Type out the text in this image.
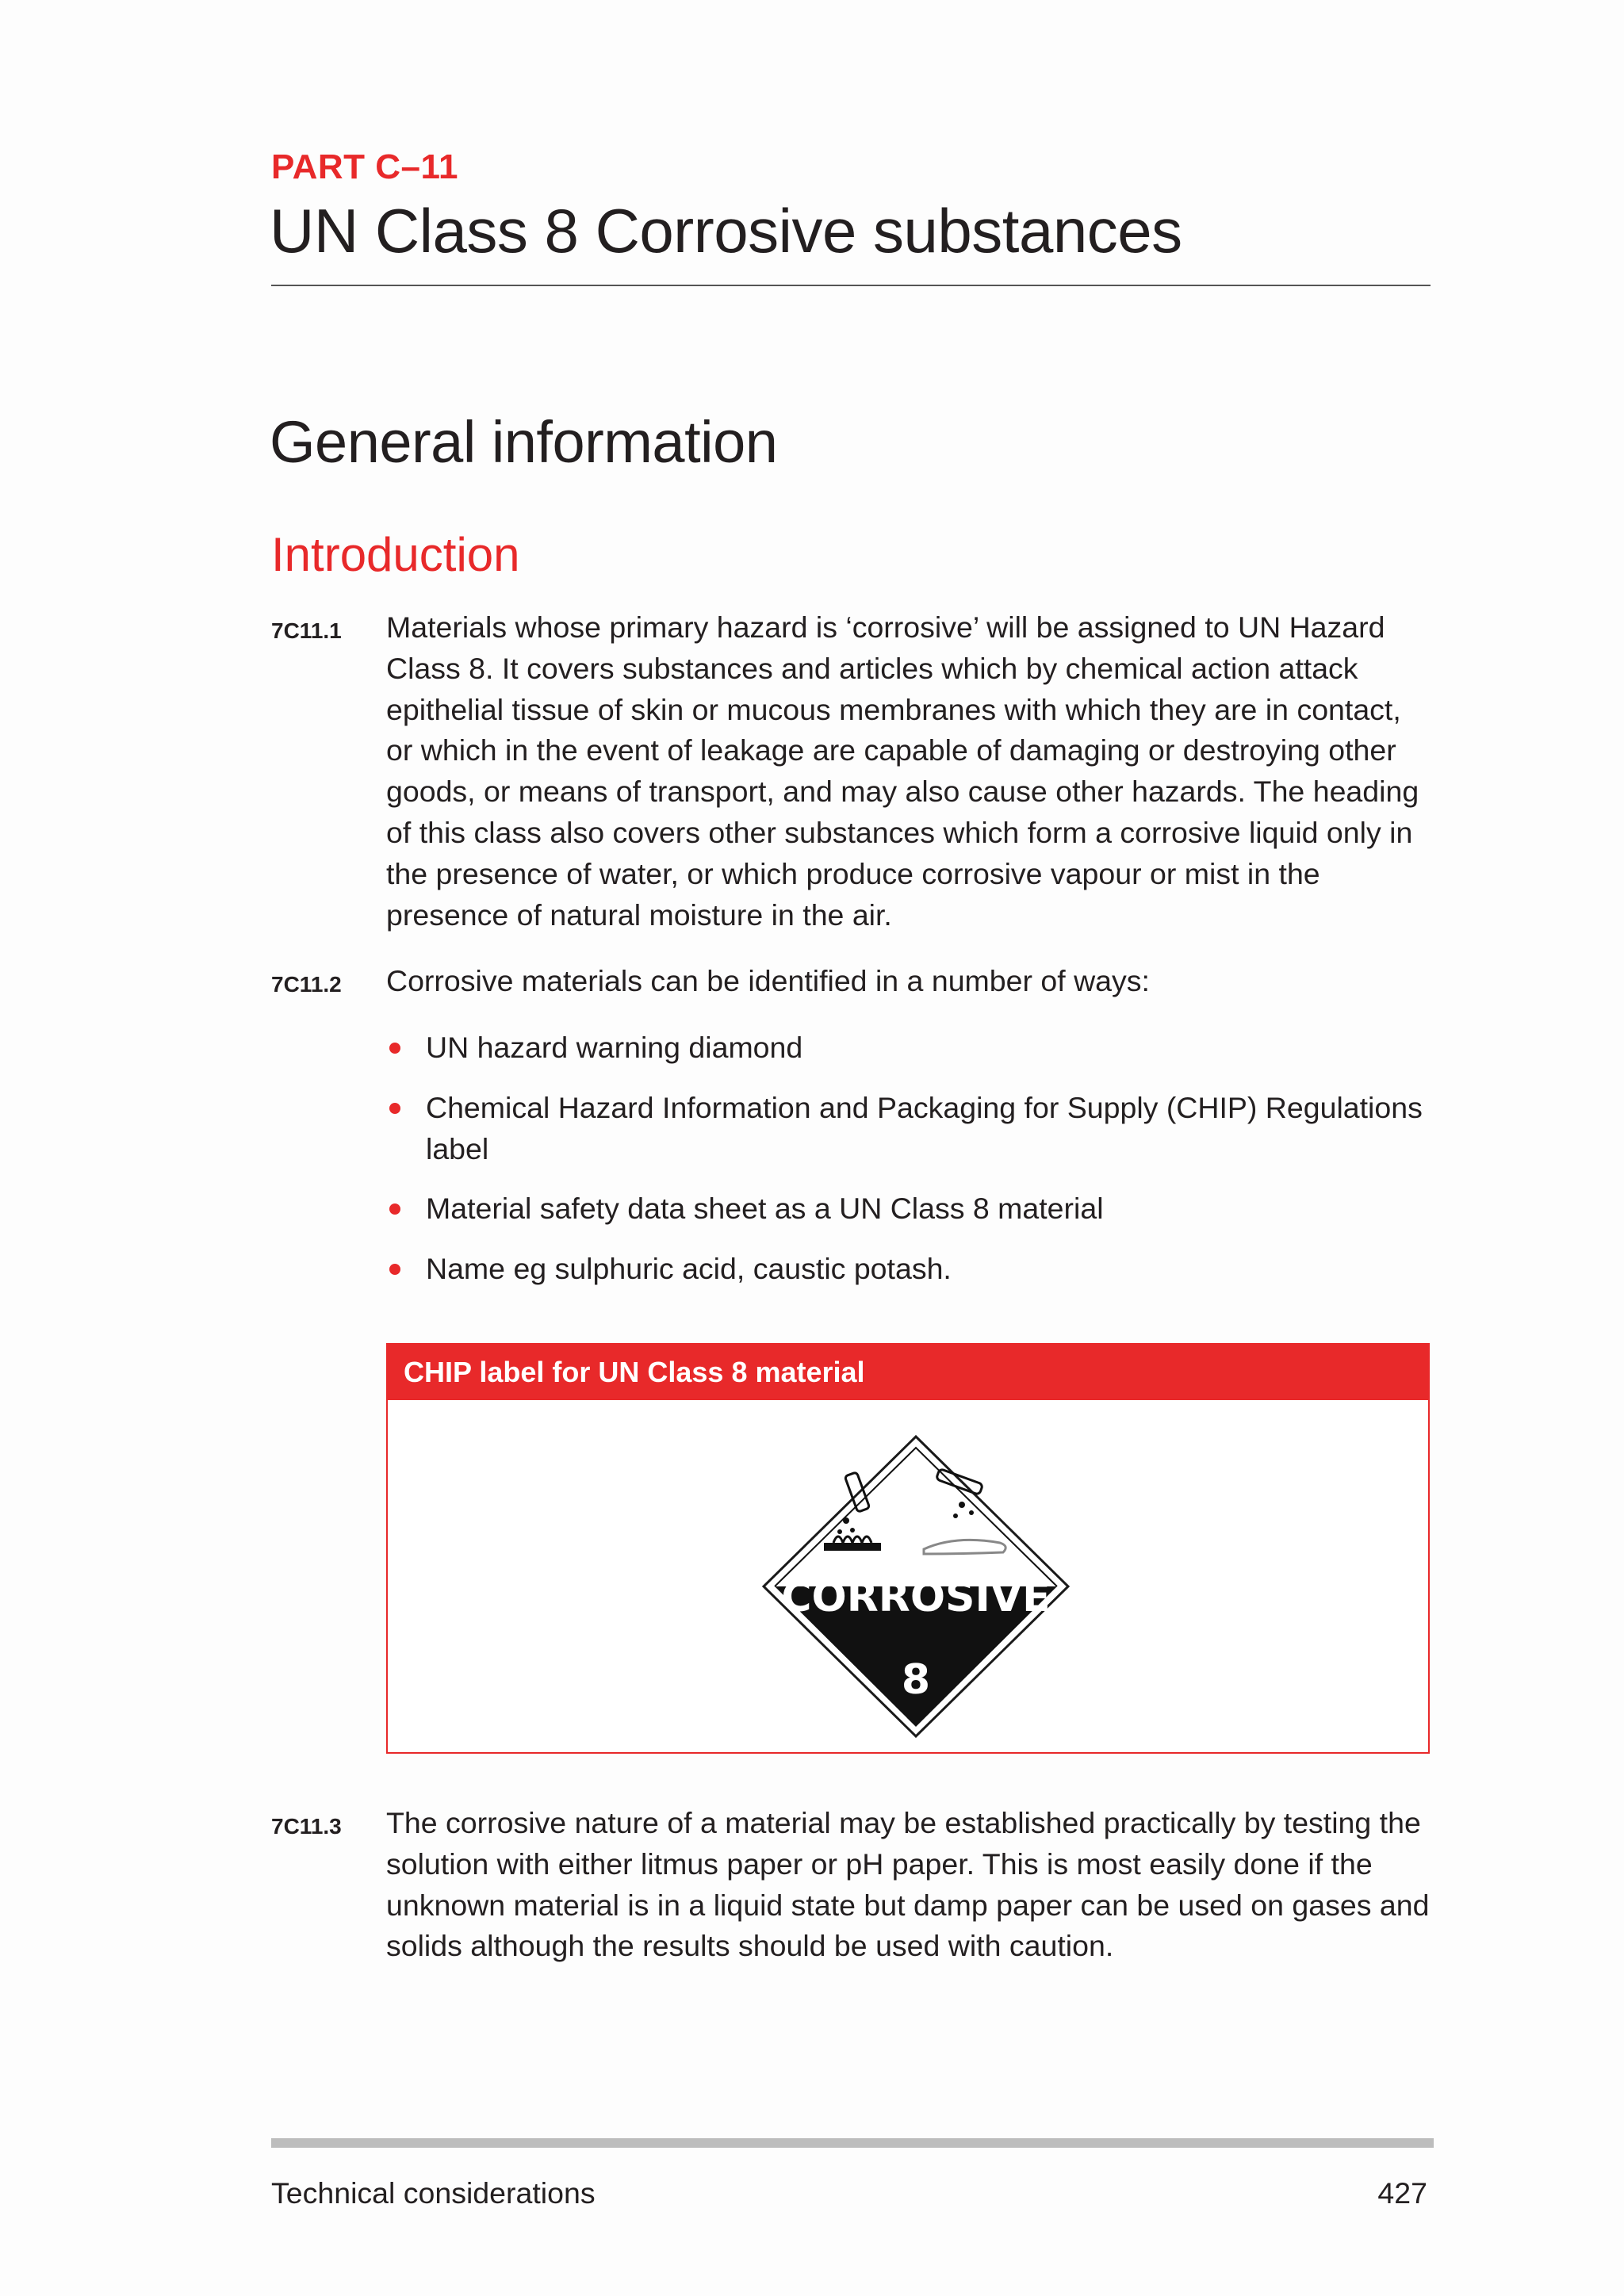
PART C–11
UN Class 8 Corrosive substances
General information
Introduction
7C11.1 Materials whose primary hazard is ‘corrosive’ will be assigned to UN Hazard Class 8. It covers substances and articles which by chemical action attack epithelial tissue of skin or mucous membranes with which they are in contact, or which in the event of leakage are capable of damaging or destroying other goods, or means of transport, and may also cause other hazards. The heading of this class also covers other substances which form a corrosive liquid only in the presence of water, or which produce corrosive vapour or mist in the presence of natural moisture in the air.

7C11.2 Corrosive materials can be identified in a number of ways:

UN hazard warning diamond
Chemical Hazard Information and Packaging for Supply (CHIP) Regulations label
Material safety data sheet as a UN Class 8 material
Name eg sulphuric acid, caustic potash.
CHIP label for UN Class 8 material
CORROSIVE
8
7C11.3 The corrosive nature of a material may be established practically by testing the solution with either litmus paper or pH paper. This is most easily done if the unknown material is in a liquid state but damp paper can be used on gases and solids although the results should be used with caution.

Technical considerations	427
